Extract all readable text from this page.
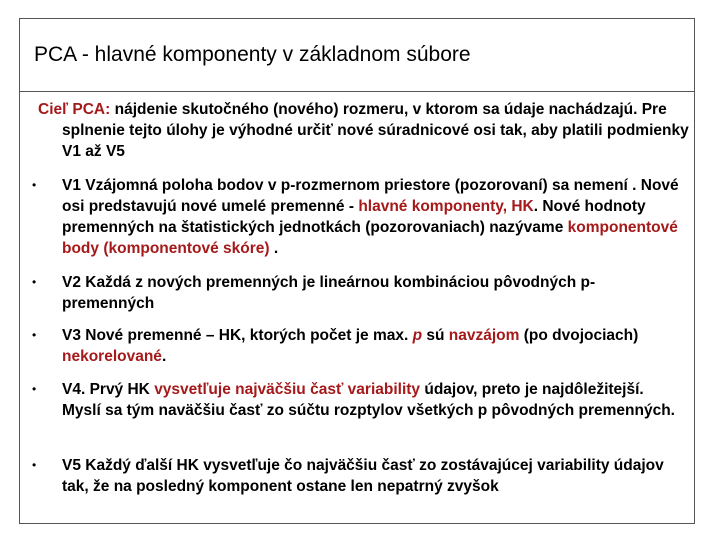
PCA - hlavné komponenty v základnom súbore
Cieľ PCA: nájdenie skutočného (nového) rozmeru, v ktorom sa údaje nachádzajú. Pre splnenie tejto úlohy je výhodné určiť nové súradnicové osi tak, aby platili podmienky V1 až V5
• V1 Vzájomná poloha bodov v p-rozmernom priestore (pozorovaní) sa nemení . Nové osi predstavujú nové umelé premenné - hlavné komponenty, HK. Nové hodnoty premenných na štatistických jednotkách (pozorovaniach) nazývame komponentové body (komponentové skóre) .
• V2 Každá z nových premenných je lineárnou kombináciou pôvodných p-premenných
• V3 Nové premenné – HK, ktorých počet je max. p sú navzájom (po dvojociach) nekorelované.
• V4. Prvý HK vysvetľuje najväčšiu časť variability údajov, preto je najdôležitejší. Myslí sa tým naväčšiu časť zo súčtu rozptylov všetkých p pôvodných premenných.
• V5 Každý ďalší HK vysvetľuje čo najväčšiu časť zo zostávajúcej variability údajov tak, že na posledný komponent ostane len nepatrný zvyšok
